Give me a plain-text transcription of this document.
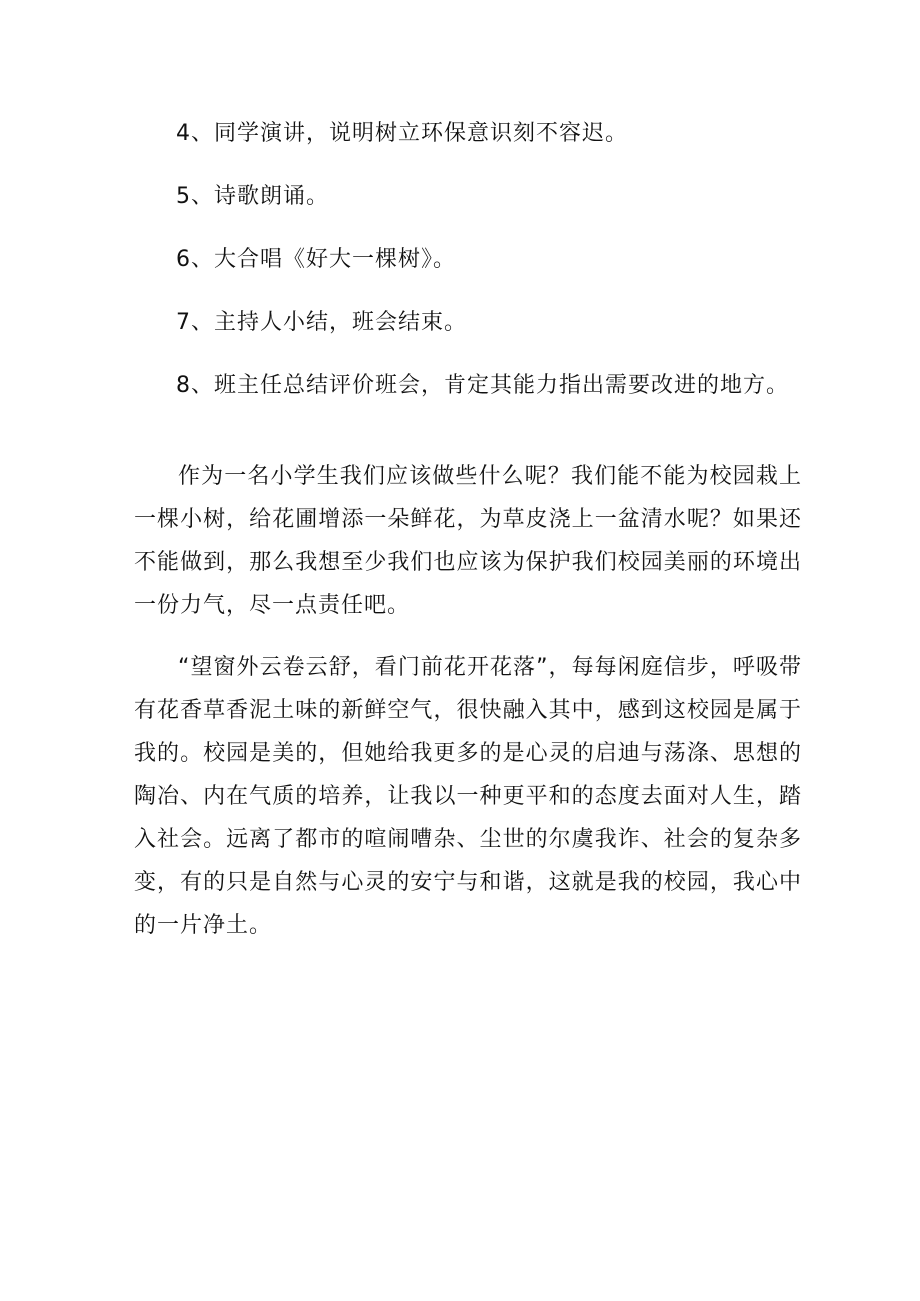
4、同学演讲，说明树立环保意识刻不容迟。
5、诗歌朗诵。
6、大合唱《好大一棵树》。
7、主持人小结，班会结束。
8、班主任总结评价班会，肯定其能力指出需要改进的地方。

作为一名小学生我们应该做些什么呢？我们能不能为校园栽上一棵小树，给花圃增添一朵鲜花，为草皮浇上一盆清水呢？如果还不能做到，那么我想至少我们也应该为保护我们校园美丽的环境出一份力气，尽一点责任吧。

“望窗外云卷云舒，看门前花开花落”，每每闲庭信步，呼吸带有花香草香泥土味的新鲜空气，很快融入其中，感到这校园是属于我的。校园是美的，但她给我更多的是心灵的启迪与荡涤、思想的陶冶、内在气质的培养，让我以一种更平和的态度去面对人生，踏入社会。远离了都市的喧闹嘈杂、尘世的尔虞我诈、社会的复杂多变，有的只是自然与心灵的安宁与和谐，这就是我的校园，我心中的一片净土。
